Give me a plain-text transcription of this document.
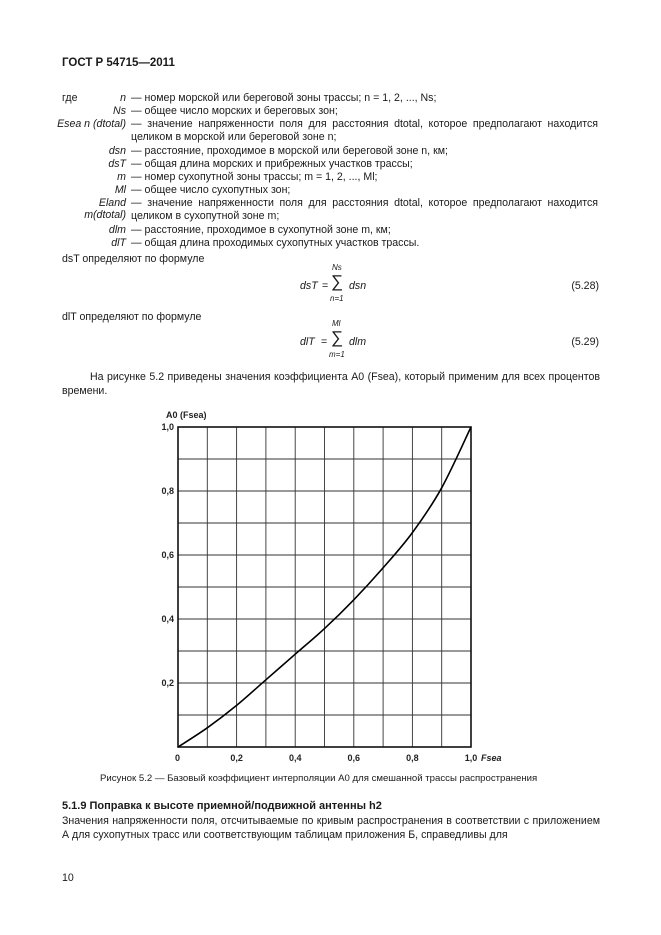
ГОСТ Р 54715—2011
где	n — номер морской или береговой зоны трассы; n = 1, 2, ..., Ns;
Ns — общее число морских и береговых зон;
Esea n (dtotal) — значение напряженности поля для расстояния dtotal, которое предполагают находится целиком в морской или береговой зоне n;
dsn — расстояние, проходимое в морской или береговой зоне n, км;
dsT — общая длина морских и прибрежных участков трассы;
m — номер сухопутной зоны трассы; m = 1, 2, ..., Ml;
Ml — общее число сухопутных зон;
Eland m(dtotal)
— значение напряженности поля для расстояния dtotal, которое предполагают находится целиком в сухопутной зоне m;
dlm — расстояние, проходимое в сухопутной зоне m, км;
dlT — общая длина проходимых сухопутных участков трассы.
dsT определяют по формуле
dsT =
Ns
∑
n=1
dsn	(5.28)
dlT определяют по формуле
dlT =
Ml
∑
m=1
dlm	(5.29)
На рисунке 5.2 приведены значения коэффициента A0 (Fsea), который применим для всех процентов времени.
0	0,2	0,4	0,6	0,8	1,0
0,2
0,4
0,6
0,8
1,0
A0 (Fsea)
Fsea
Рисунок 5.2 — Базовый коэффициент интерполяции A0 для смешанной трассы распространения
5.1.9 Поправка к высоте приемной/подвижной антенны h2
Значения напряженности поля, отсчитываемые по кривым распространения в соответствии с приложением А для сухопутных трасс или соответствующим таблицам приложения Б, справедливы для
10
